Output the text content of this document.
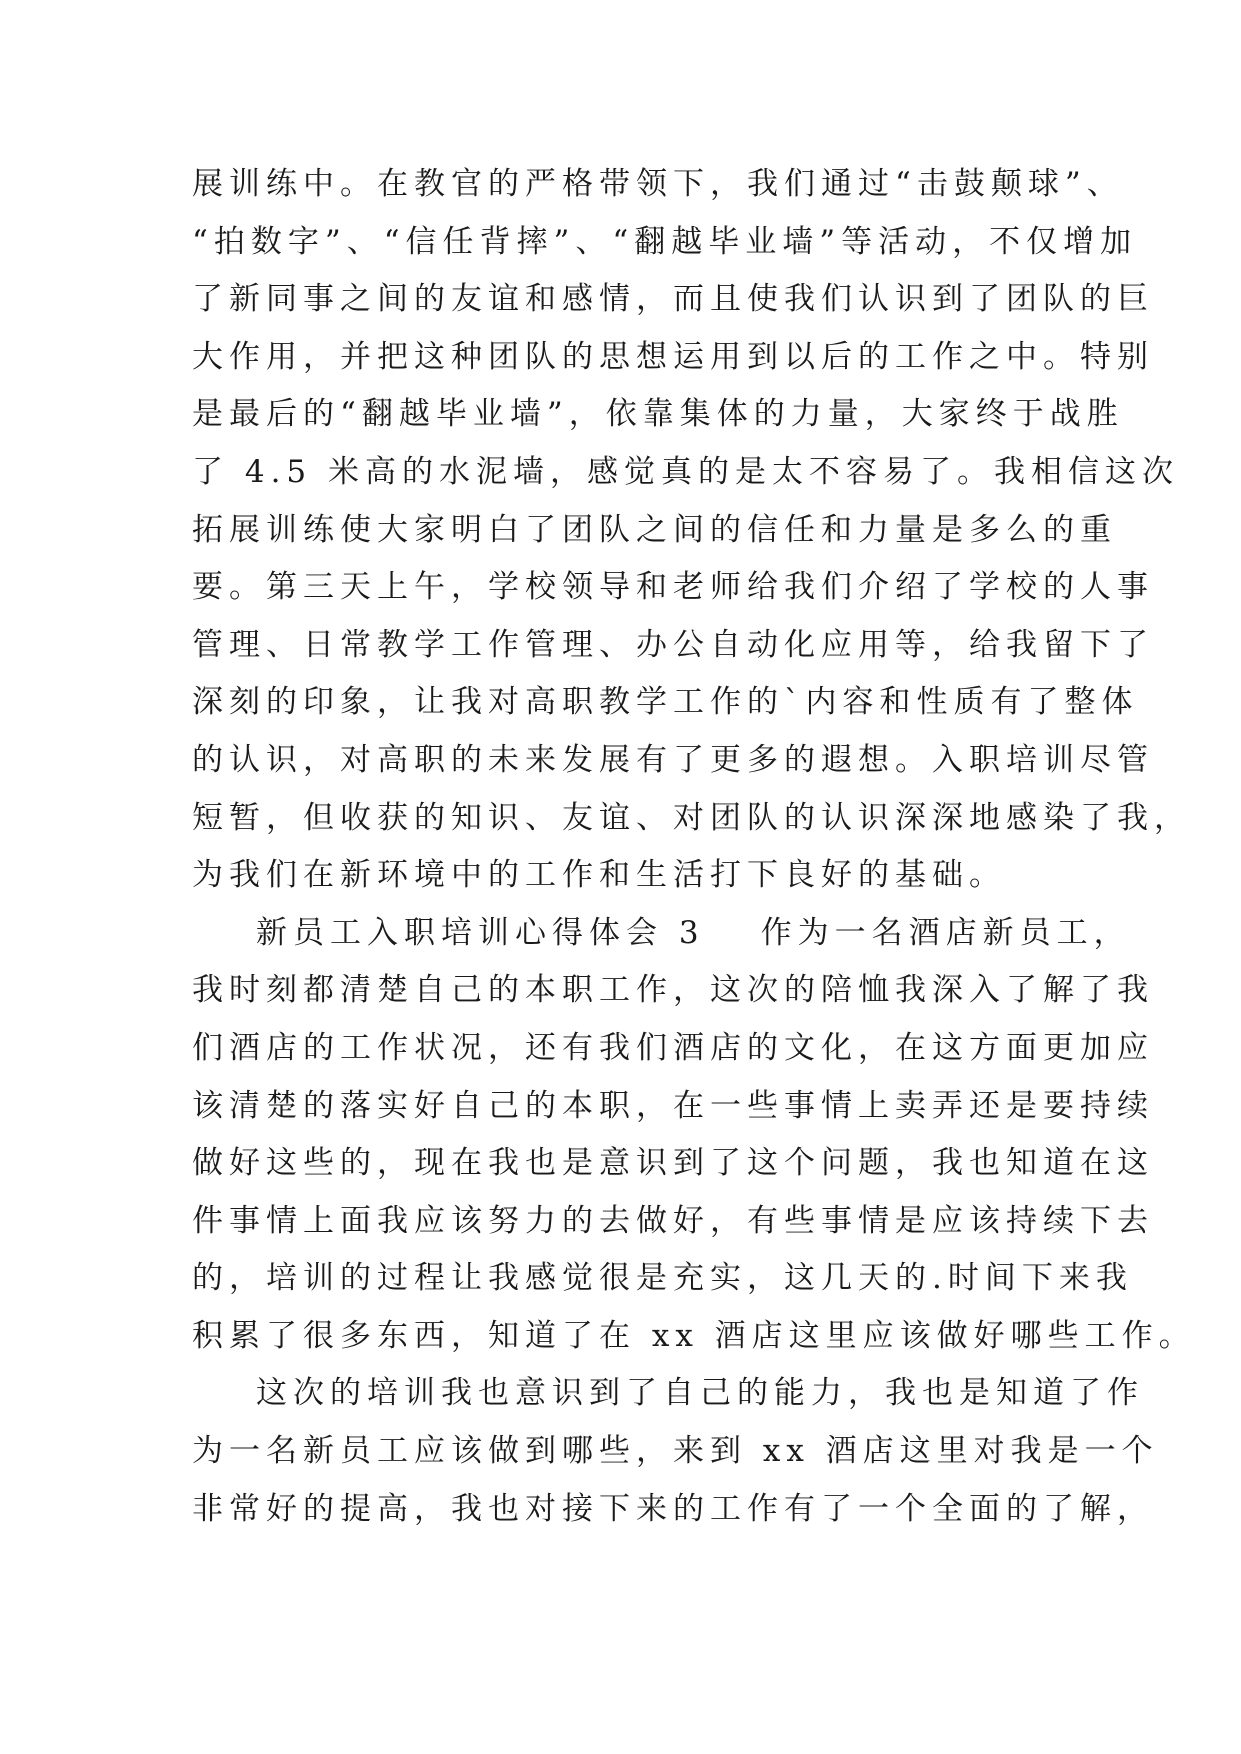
展训练中。在教官的严格带领下，我们通过“击鼓颠球”、
“拍数字”、“信任背摔”、“翻越毕业墙”等活动，不仅增加
了新同事之间的友谊和感情，而且使我们认识到了团队的巨
大作用，并把这种团队的思想运用到以后的工作之中。特别
是最后的“翻越毕业墙”，依靠集体的力量，大家终于战胜
了 4.5 米高的水泥墙，感觉真的是太不容易了。我相信这次
拓展训练使大家明白了团队之间的信任和力量是多么的重
要。第三天上午，学校领导和老师给我们介绍了学校的人事
管理、日常教学工作管理、办公自动化应用等，给我留下了
深刻的印象，让我对高职教学工作的`内容和性质有了整体
的认识，对高职的未来发展有了更多的遐想。入职培训尽管
短暂，但收获的知识、友谊、对团队的认识深深地感染了我，
为我们在新环境中的工作和生活打下良好的基础。
新员工入职培训心得体会 3 作为一名酒店新员工，
我时刻都清楚自己的本职工作，这次的陪恤我深入了解了我
们酒店的工作状况，还有我们酒店的文化，在这方面更加应
该清楚的落实好自己的本职，在一些事情上卖弄还是要持续
做好这些的，现在我也是意识到了这个问题，我也知道在这
件事情上面我应该努力的去做好，有些事情是应该持续下去
的，培训的过程让我感觉很是充实，这几天的.时间下来我
积累了很多东西，知道了在 xx 酒店这里应该做好哪些工作。
这次的培训我也意识到了自己的能力，我也是知道了作
为一名新员工应该做到哪些，来到 xx 酒店这里对我是一个
非常好的提高，我也对接下来的工作有了一个全面的了解，
